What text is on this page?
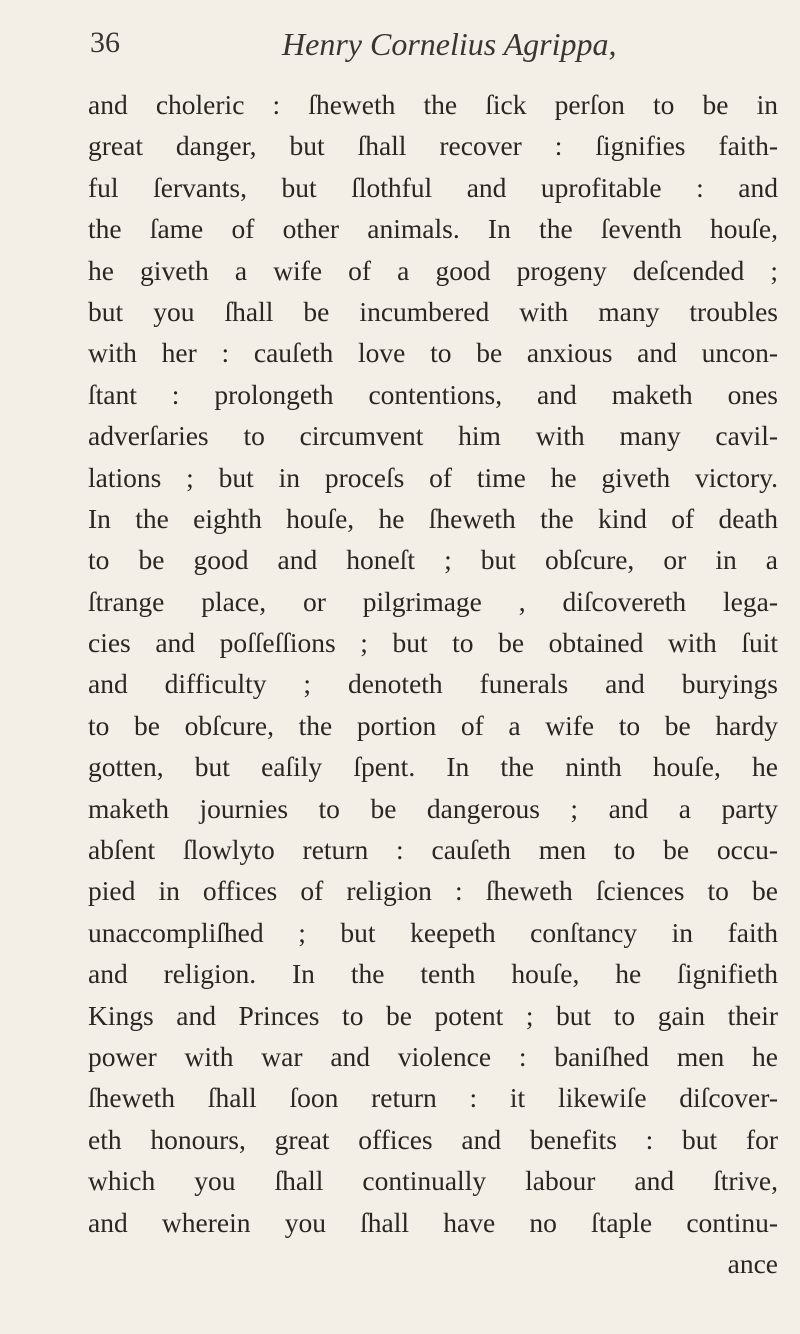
36	Henry Cornelius Agrippa,
and choleric : ſheweth the ſick perſon to be in
great danger, but ſhall recover : ſignifies faith-
ful ſervants, but ſlothful and uprofitable : and
the ſame of other animals. In the ſeventh houſe,
he giveth a wife of a good progeny deſcended ;
but you ſhall be incumbered with many troubles
with her : cauſeth love to be anxious and uncon-
ſtant : prolongeth contentions, and maketh ones
adverſaries to circumvent him with many cavil-
lations ; but in proceſs of time he giveth victory.
In the eighth houſe, he ſheweth the kind of death
to be good and honeſt ; but obſcure, or in a
ſtrange place, or pilgrimage , diſcovereth lega-
cies and poſſeſſions ; but to be obtained with ſuit
and difficulty ; denoteth funerals and buryings
to be obſcure, the portion of a wife to be hardy
gotten, but eaſily ſpent. In the ninth houſe, he
maketh journies to be dangerous ; and a party
abſent ſlowlyto return : cauſeth men to be occu-
pied in offices of religion : ſheweth ſciences to be
unaccompliſhed ; but keepeth conſtancy in faith
and religion. In the tenth houſe, he ſignifieth
Kings and Princes to be potent ; but to gain their
power with war and violence : baniſhed men he
ſheweth ſhall ſoon return : it likewiſe diſcover-
eth honours, great offices and benefits : but for
which you ſhall continually labour and ſtrive,
and wherein you ſhall have no ſtaple continu-
ance
